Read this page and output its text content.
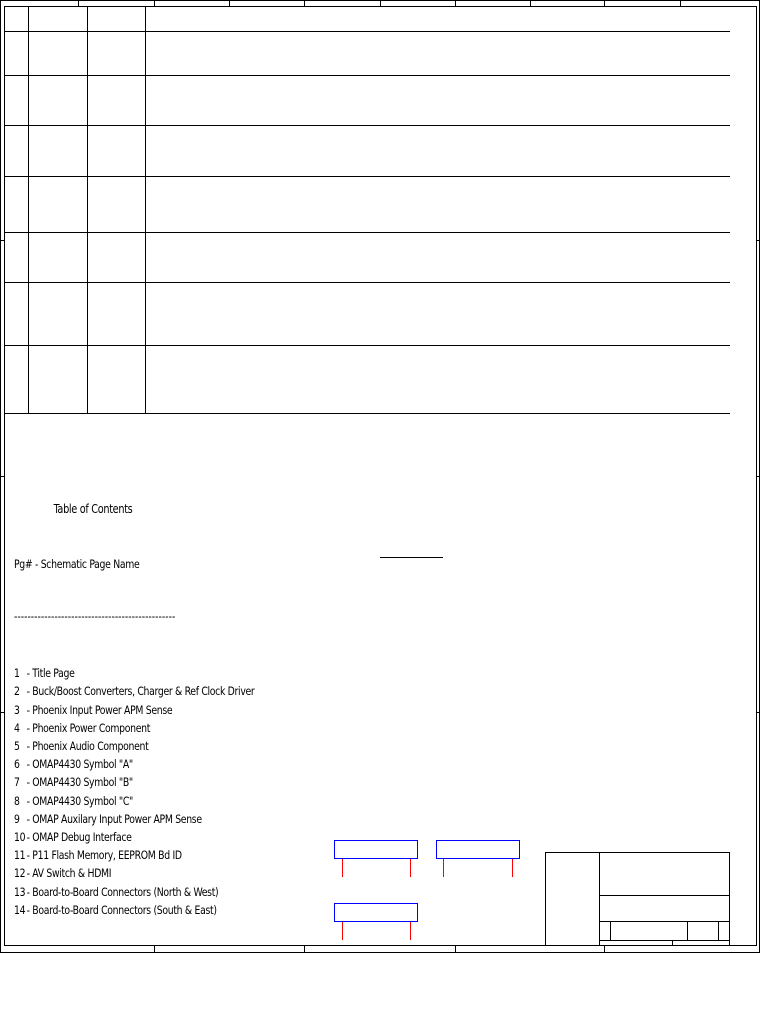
Table of Contents

Pg# - Schematic Page Name

------------------------------------------------

1 - Title Page
2 - Buck/Boost Converters, Charger & Ref Clock Driver
3 - Phoenix Input Power APM Sense
4 - Phoenix Power Component
5 - Phoenix Audio Component
6 - OMAP4430 Symbol "A"
7 - OMAP4430 Symbol "B"
8 - OMAP4430 Symbol "C"
9 - OMAP Auxilary Input Power APM Sense
10 - OMAP Debug Interface
11 - P11 Flash Memory, EEPROM Bd ID
12 - AV Switch & HDMI
13 - Board-to-Board Connectors (North & West)
14 - Board-to-Board Connectors (South & East)
